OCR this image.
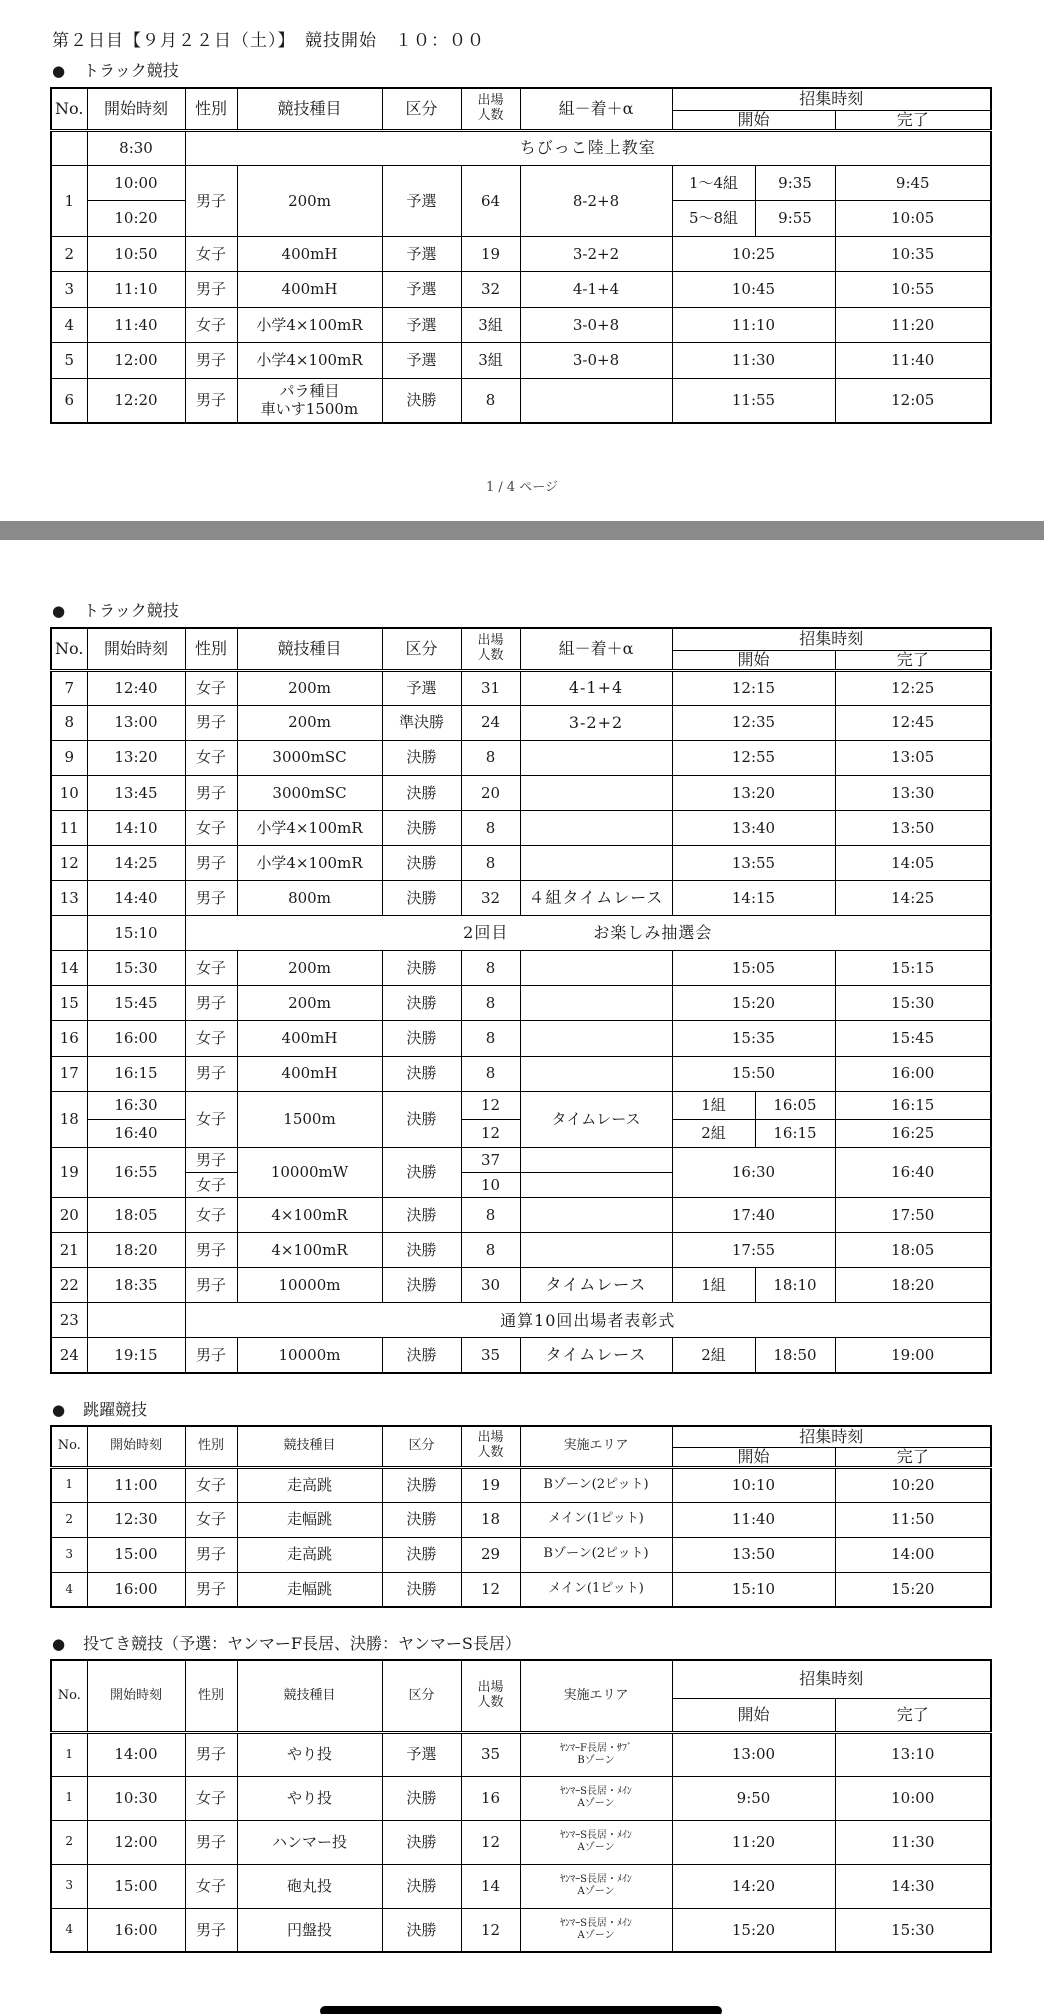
第２日目【９月２２日（土）】　競技開始　１０：００
● トラック競技
No.	開始時刻	性別	競技種目	区分	出場
人数	組－着＋α	招集時刻		
							開始		完了
	8:30	ちびっこ陸上教室							
1	10:00	男子	200m	予選	64	8-2+8	1〜4組	9:35	9:45
	10:20						5〜8組	9:55	10:05
2	10:50	女子	400mH	予選	19	3-2+2	10:25		10:35
3	11:10	男子	400mH	予選	32	4-1+4	10:45		10:55
4	11:40	女子	小学4×100mR	予選	3組	3-0+8	11:10		11:20
5	12:00	男子	小学4×100mR	予選	3組	3-0+8	11:30		11:40
6	12:20	男子	パラ種目
車いす1500m	決勝	8		11:55		12:05
1 / 4 ページ
● トラック競技
No.	開始時刻	性別	競技種目	区分	出場
人数	組－着＋α	招集時刻		
							開始		完了
7	12:40	女子	200m	予選	31	4-1+4	12:15		12:25
8	13:00	男子	200m	準決勝	24	3-2+2	12:35		12:45
9	13:20	女子	3000mSC	決勝	8		12:55		13:05
10	13:45	男子	3000mSC	決勝	20		13:20		13:30
11	14:10	女子	小学4×100mR	決勝	8		13:40		13:50
12	14:25	男子	小学4×100mR	決勝	8		13:55		14:05
13	14:40	男子	800m	決勝	32	４組タイムレース	14:15		14:25
	15:10	2回目　　　　　お楽しみ抽選会							
14	15:30	女子	200m	決勝	8		15:05		15:15
15	15:45	男子	200m	決勝	8		15:20		15:30
16	16:00	女子	400mH	決勝	8		15:35		15:45
17	16:15	男子	400mH	決勝	8		15:50		16:00
18	16:30	女子	1500m	決勝	12	タイムレース	1組	16:05	16:15
	16:40				12		2組	16:15	16:25
19	16:55	男子	10000mW	決勝	37		16:30		16:40
		女子			10				
20	18:05	女子	4×100mR	決勝	8		17:40		17:50
21	18:20	男子	4×100mR	決勝	8		17:55		18:05
22	18:35	男子	10000m	決勝	30	タイムレース	1組	18:10	18:20
23		通算10回出場者表彰式							
24	19:15	男子	10000m	決勝	35	タイムレース	2組	18:50	19:00
● 跳躍競技
No.	開始時刻	性別	競技種目	区分	出場
人数	実施エリア	招集時刻	
							開始	完了
1	11:00	女子	走高跳	決勝	19	Bゾーン(2ピット)	10:10	10:20
2	12:30	女子	走幅跳	決勝	18	メイン(1ピット)	11:40	11:50
3	15:00	男子	走高跳	決勝	29	Bゾーン(2ピット)	13:50	14:00
4	16:00	男子	走幅跳	決勝	12	メイン(1ピット)	15:10	15:20
● 投てき競技（予選：ヤンマーF長居、決勝：ヤンマーS長居）
No.	開始時刻	性別	競技種目	区分	出場
人数	実施エリア	招集時刻	
							開始	完了
1	14:00	男子	やり投	予選	35	ﾔﾝﾏｰF長居・ｻﾌﾞ
Bゾーン	13:00	13:10
1	10:30	女子	やり投	決勝	16	ﾔﾝﾏｰS長居・ﾒｲﾝ
Aゾーン	9:50	10:00
2	12:00	男子	ハンマー投	決勝	12	ﾔﾝﾏｰS長居・ﾒｲﾝ
Aゾーン	11:20	11:30
3	15:00	女子	砲丸投	決勝	14	ﾔﾝﾏｰS長居・ﾒｲﾝ
Aゾーン	14:20	14:30
4	16:00	男子	円盤投	決勝	12	ﾔﾝﾏｰS長居・ﾒｲﾝ
Aゾーン	15:20	15:30
